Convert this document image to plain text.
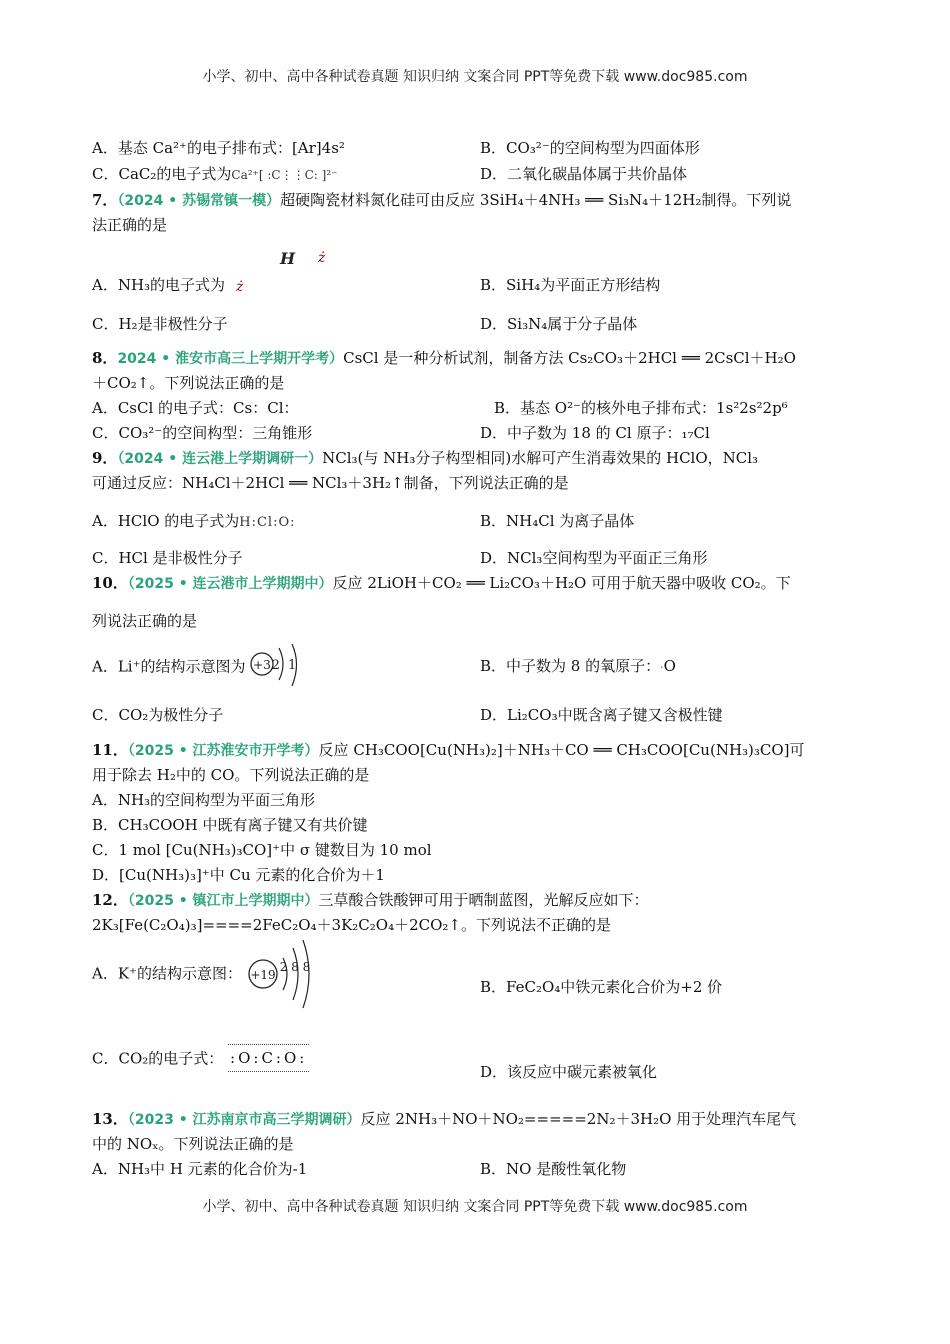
小学、初中、高中各种试卷真题 知识归纳 文案合同 PPT等免费下载 www.doc985.com
A．基态 Ca²⁺的电子排布式：[Ar]4s²	B．CO₃²⁻的空间构型为四面体形
C．CaC₂的电子式为Ca²⁺[ :C⋮⋮C: ]²⁻	D．二氧化碳晶体属于共价晶体
7．（2024 • 苏锡常镇一模）超硬陶瓷材料氮化硅可由反应 3SiH₄＋4NH₃ ══ Si₃N₄＋12H₂制得。下列说
法正确的是
H ż
A．NH₃的电子式为 ż	B．SiH₄为平面正方形结构
C．H₂是非极性分子	D．Si₃N₄属于分子晶体
8．2024 • 淮安市高三上学期开学考）CsCl 是一种分析试剂，制备方法 Cs₂CO₃＋2HCl ══ 2CsCl＋H₂O
＋CO₂↑。下列说法正确的是
A．CsCl 的电子式：Cs：Cl：	B．基态 O²⁻的核外电子排布式：1s²2s²2p⁶
C．CO₃²⁻的空间构型：三角锥形	D．中子数为 18 的 Cl 原子：₁₇Cl
9．（2024 • 连云港上学期调研一）NCl₃(与 NH₃分子构型相同)水解可产生消毒效果的 HClO，NCl₃
可通过反应：NH₄Cl＋2HCl ══ NCl₃＋3H₂↑制备，下列说法正确的是
A．HClO 的电子式为H:Cl:O:	B．NH₄Cl 为离子晶体
C．HCl 是非极性分子	D．NCl₃空间构型为平面正三角形
10．（2025 • 连云港市上学期期中）反应 2LiOH＋CO₂ ══ Li₂CO₃＋H₂O 可用于航天器中吸收 CO₂。下
列说法正确的是
A．Li⁺的结构示意图为 +3 2 1	B．中子数为 8 的氧原子：⋅O
C．CO₂为极性分子	D．Li₂CO₃中既含离子键又含极性键
11．（2025 • 江苏淮安市开学考）反应 CH₃COO[Cu(NH₃)₂]＋NH₃＋CO ══ CH₃COO[Cu(NH₃)₃CO]可
用于除去 H₂中的 CO。下列说法正确的是
A．NH₃的空间构型为平面三角形
B．CH₃COOH 中既有离子键又有共价键
C．1 mol [Cu(NH₃)₃CO]⁺中 σ 键数目为 10 mol
D．[Cu(NH₃)₃]⁺中 Cu 元素的化合价为＋1
12．（2025 • 镇江市上学期期中）三草酸合铁酸钾可用于晒制蓝图，光解反应如下：
2K₃[Fe(C₂O₄)₃]====2FeC₂O₄＋3K₂C₂O₄＋2CO₂↑。下列说法不正确的是
A．K⁺的结构示意图： +19
2 8 8
B．FeC₂O₄中铁元素化合价为+2 价
C．CO₂的电子式： :O:C:O:
D．该反应中碳元素被氧化
13．（2023 • 江苏南京市高三学期调研）反应 2NH₃＋NO＋NO₂=====2N₂＋3H₂O 用于处理汽车尾气
中的 NOₓ。下列说法正确的是
A．NH₃中 H 元素的化合价为-1	B．NO 是酸性氧化物
小学、初中、高中各种试卷真题 知识归纳 文案合同 PPT等免费下载 www.doc985.com
